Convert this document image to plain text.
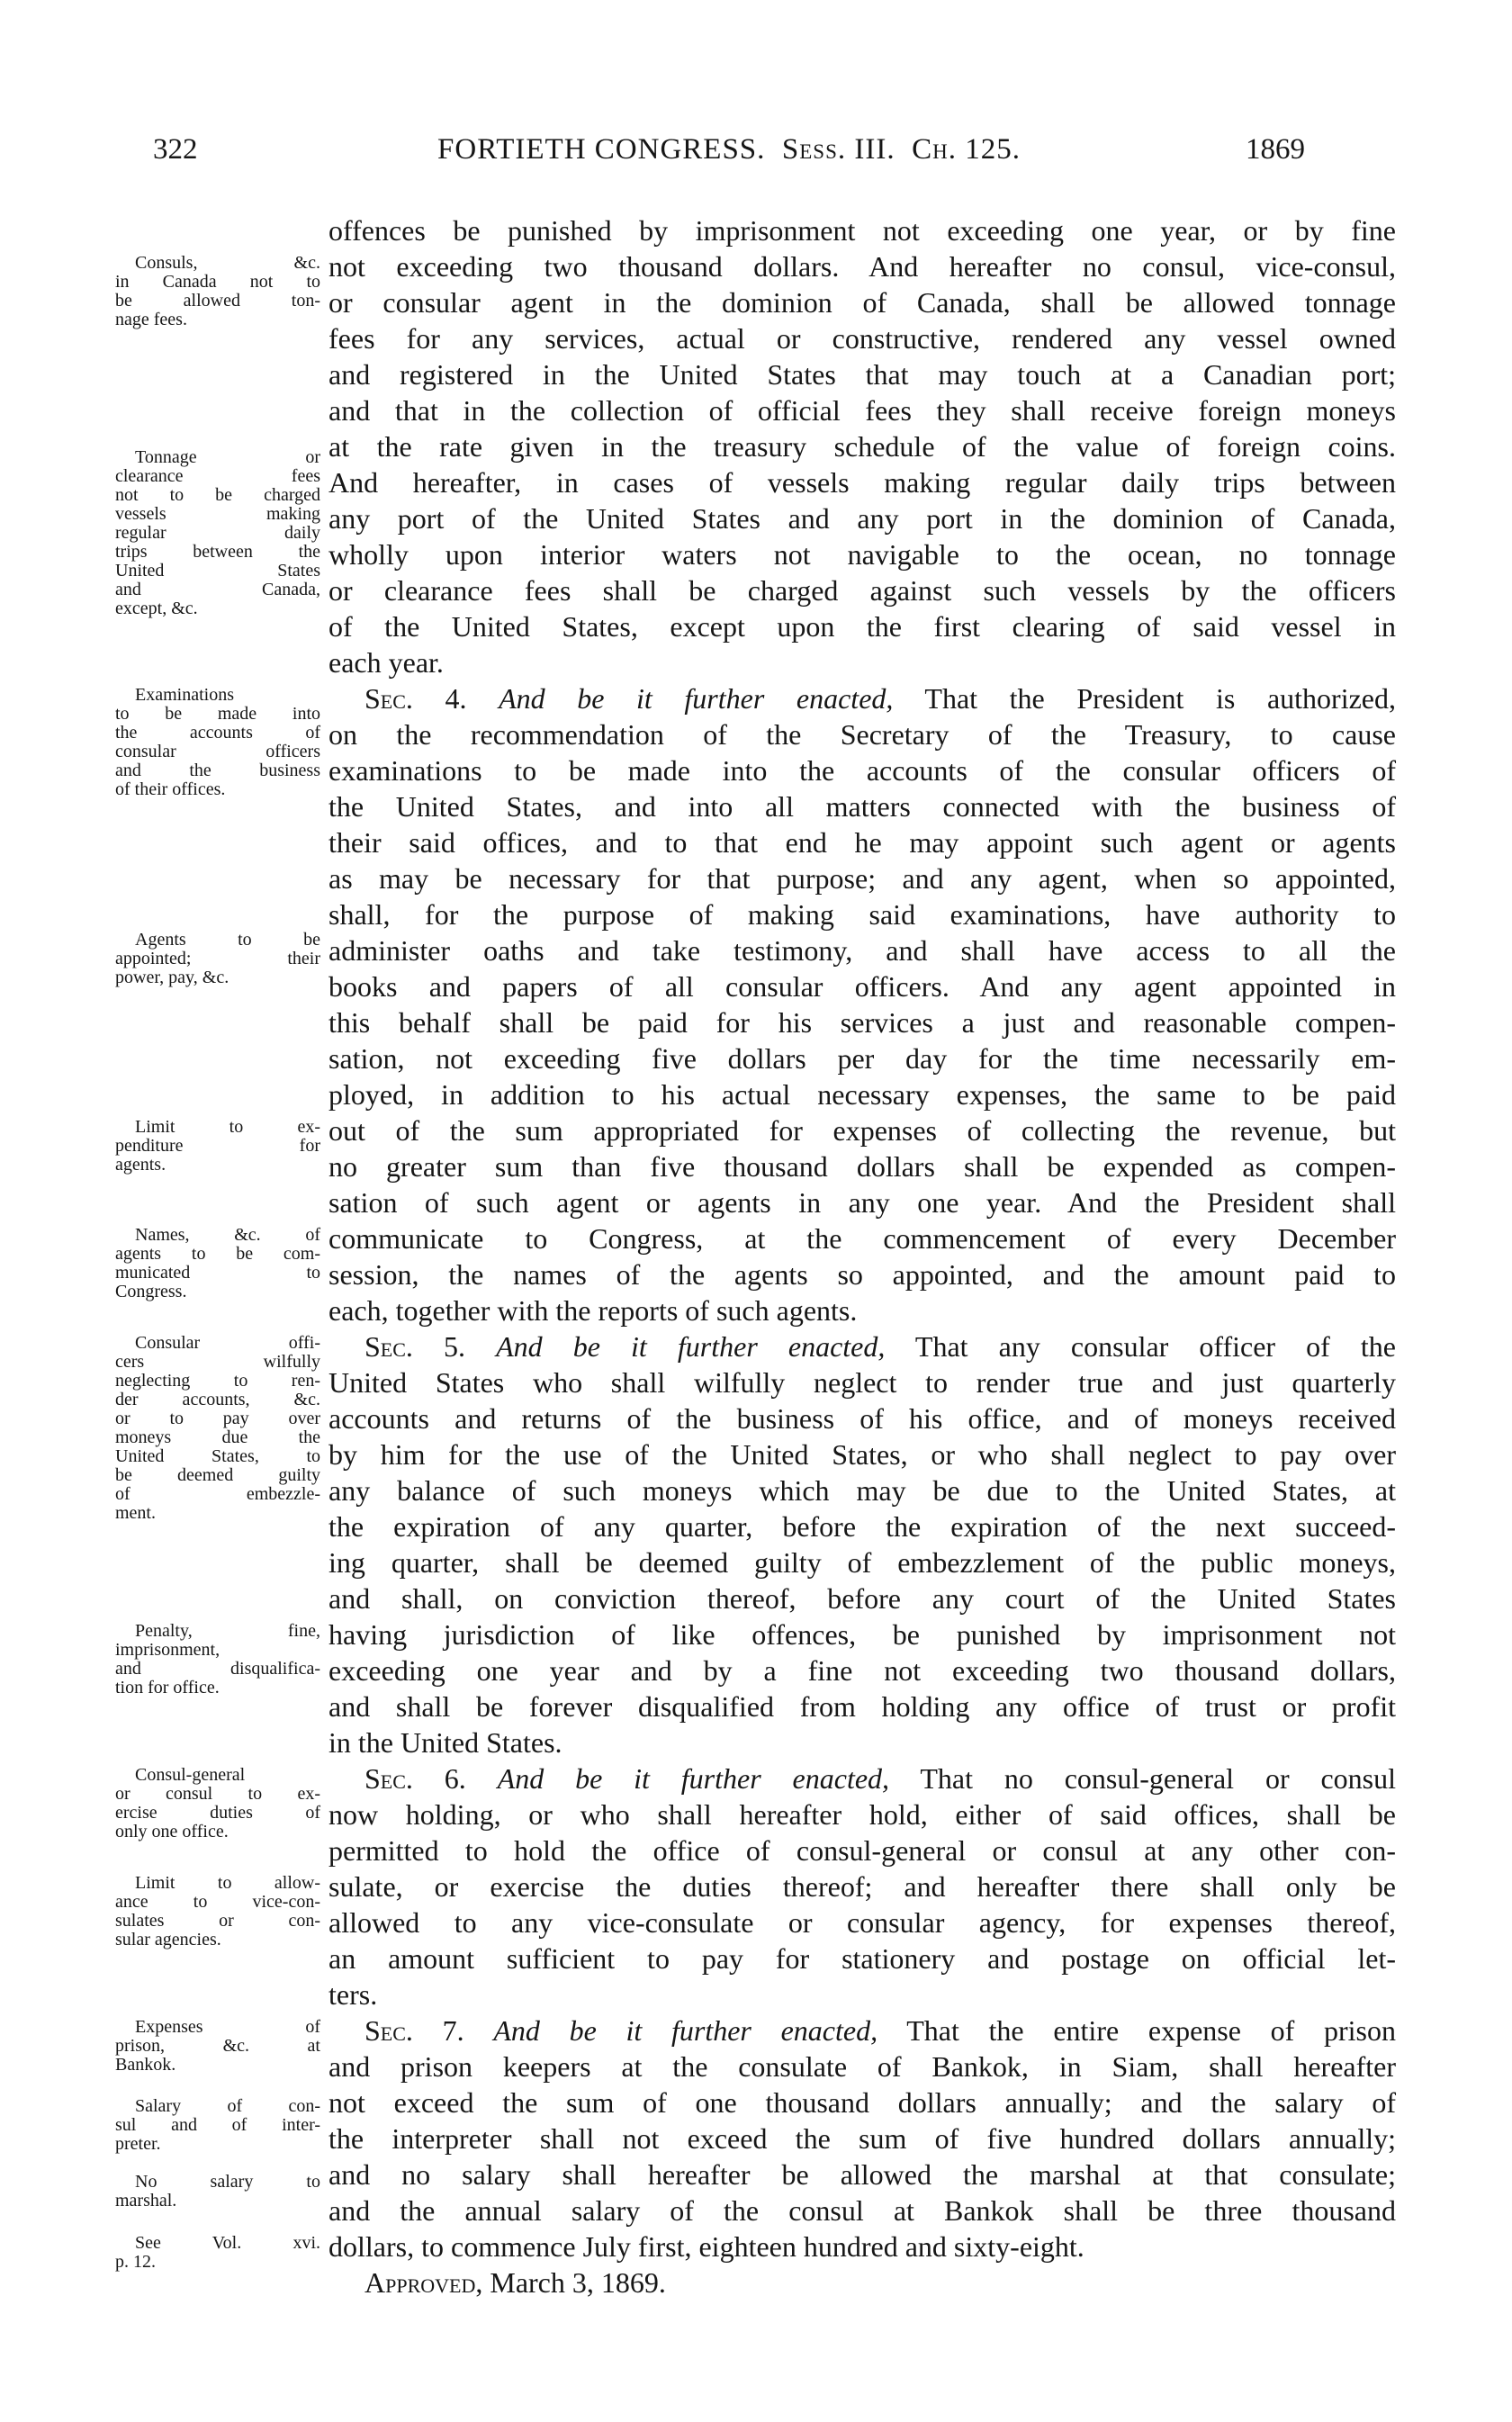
322	FORTIETH CONGRESS. Sess. III. Ch. 125.	1869
Consuls, &c.
in Canada not to
be allowed ton-
nage fees.
Tonnage or
clearance fees
not to be charged
vessels making
regular daily
trips between the
United States
and Canada,
except, &c.
Examinations
to be made into
the accounts of
consular officers
and the business
of their offices.
Agents to be
appointed; their
power, pay, &c.
Limit to ex-
penditure for
agents.
Names, &c. of
agents to be com-
municated to
Congress.
Consular offi-
cers wilfully
neglecting to ren-
der accounts, &c.
or to pay over
moneys due the
United States, to
be deemed guilty
of embezzle-
ment.
Penalty, fine,
imprisonment,
and disqualifica-
tion for office.
Consul-general
or consul to ex-
ercise duties of
only one office.
Limit to allow-
ance to vice-con-
sulates or con-
sular agencies.
Expenses of
prison, &c. at
Bankok.
Salary of con-
sul and of inter-
preter.
No salary to
marshal.
See Vol. xvi.
p. 12.
offences be punished by imprisonment not exceeding one year, or by fine
not exceeding two thousand dollars. And hereafter no consul, vice-consul,
or consular agent in the dominion of Canada, shall be allowed tonnage
fees for any services, actual or constructive, rendered any vessel owned
and registered in the United States that may touch at a Canadian port;
and that in the collection of official fees they shall receive foreign moneys
at the rate given in the treasury schedule of the value of foreign coins.
And hereafter, in cases of vessels making regular daily trips between
any port of the United States and any port in the dominion of Canada,
wholly upon interior waters not navigable to the ocean, no tonnage
or clearance fees shall be charged against such vessels by the officers
of the United States, except upon the first clearing of said vessel in
each year.
Sec. 4. And be it further enacted, That the President is authorized,
on the recommendation of the Secretary of the Treasury, to cause
examinations to be made into the accounts of the consular officers of
the United States, and into all matters connected with the business of
their said offices, and to that end he may appoint such agent or agents
as may be necessary for that purpose; and any agent, when so appointed,
shall, for the purpose of making said examinations, have authority to
administer oaths and take testimony, and shall have access to all the
books and papers of all consular officers. And any agent appointed in
this behalf shall be paid for his services a just and reasonable compen-
sation, not exceeding five dollars per day for the time necessarily em-
ployed, in addition to his actual necessary expenses, the same to be paid
out of the sum appropriated for expenses of collecting the revenue, but
no greater sum than five thousand dollars shall be expended as compen-
sation of such agent or agents in any one year. And the President shall
communicate to Congress, at the commencement of every December
session, the names of the agents so appointed, and the amount paid to
each, together with the reports of such agents.
Sec. 5. And be it further enacted, That any consular officer of the
United States who shall wilfully neglect to render true and just quarterly
accounts and returns of the business of his office, and of moneys received
by him for the use of the United States, or who shall neglect to pay over
any balance of such moneys which may be due to the United States, at
the expiration of any quarter, before the expiration of the next succeed-
ing quarter, shall be deemed guilty of embezzlement of the public moneys,
and shall, on conviction thereof, before any court of the United States
having jurisdiction of like offences, be punished by imprisonment not
exceeding one year and by a fine not exceeding two thousand dollars,
and shall be forever disqualified from holding any office of trust or profit
in the United States.
Sec. 6. And be it further enacted, That no consul-general or consul
now holding, or who shall hereafter hold, either of said offices, shall be
permitted to hold the office of consul-general or consul at any other con-
sulate, or exercise the duties thereof; and hereafter there shall only be
allowed to any vice-consulate or consular agency, for expenses thereof,
an amount sufficient to pay for stationery and postage on official let-
ters.
Sec. 7. And be it further enacted, That the entire expense of prison
and prison keepers at the consulate of Bankok, in Siam, shall hereafter
not exceed the sum of one thousand dollars annually; and the salary of
the interpreter shall not exceed the sum of five hundred dollars annually;
and no salary shall hereafter be allowed the marshal at that consulate;
and the annual salary of the consul at Bankok shall be three thousand
dollars, to commence July first, eighteen hundred and sixty-eight.
Approved, March 3, 1869.
